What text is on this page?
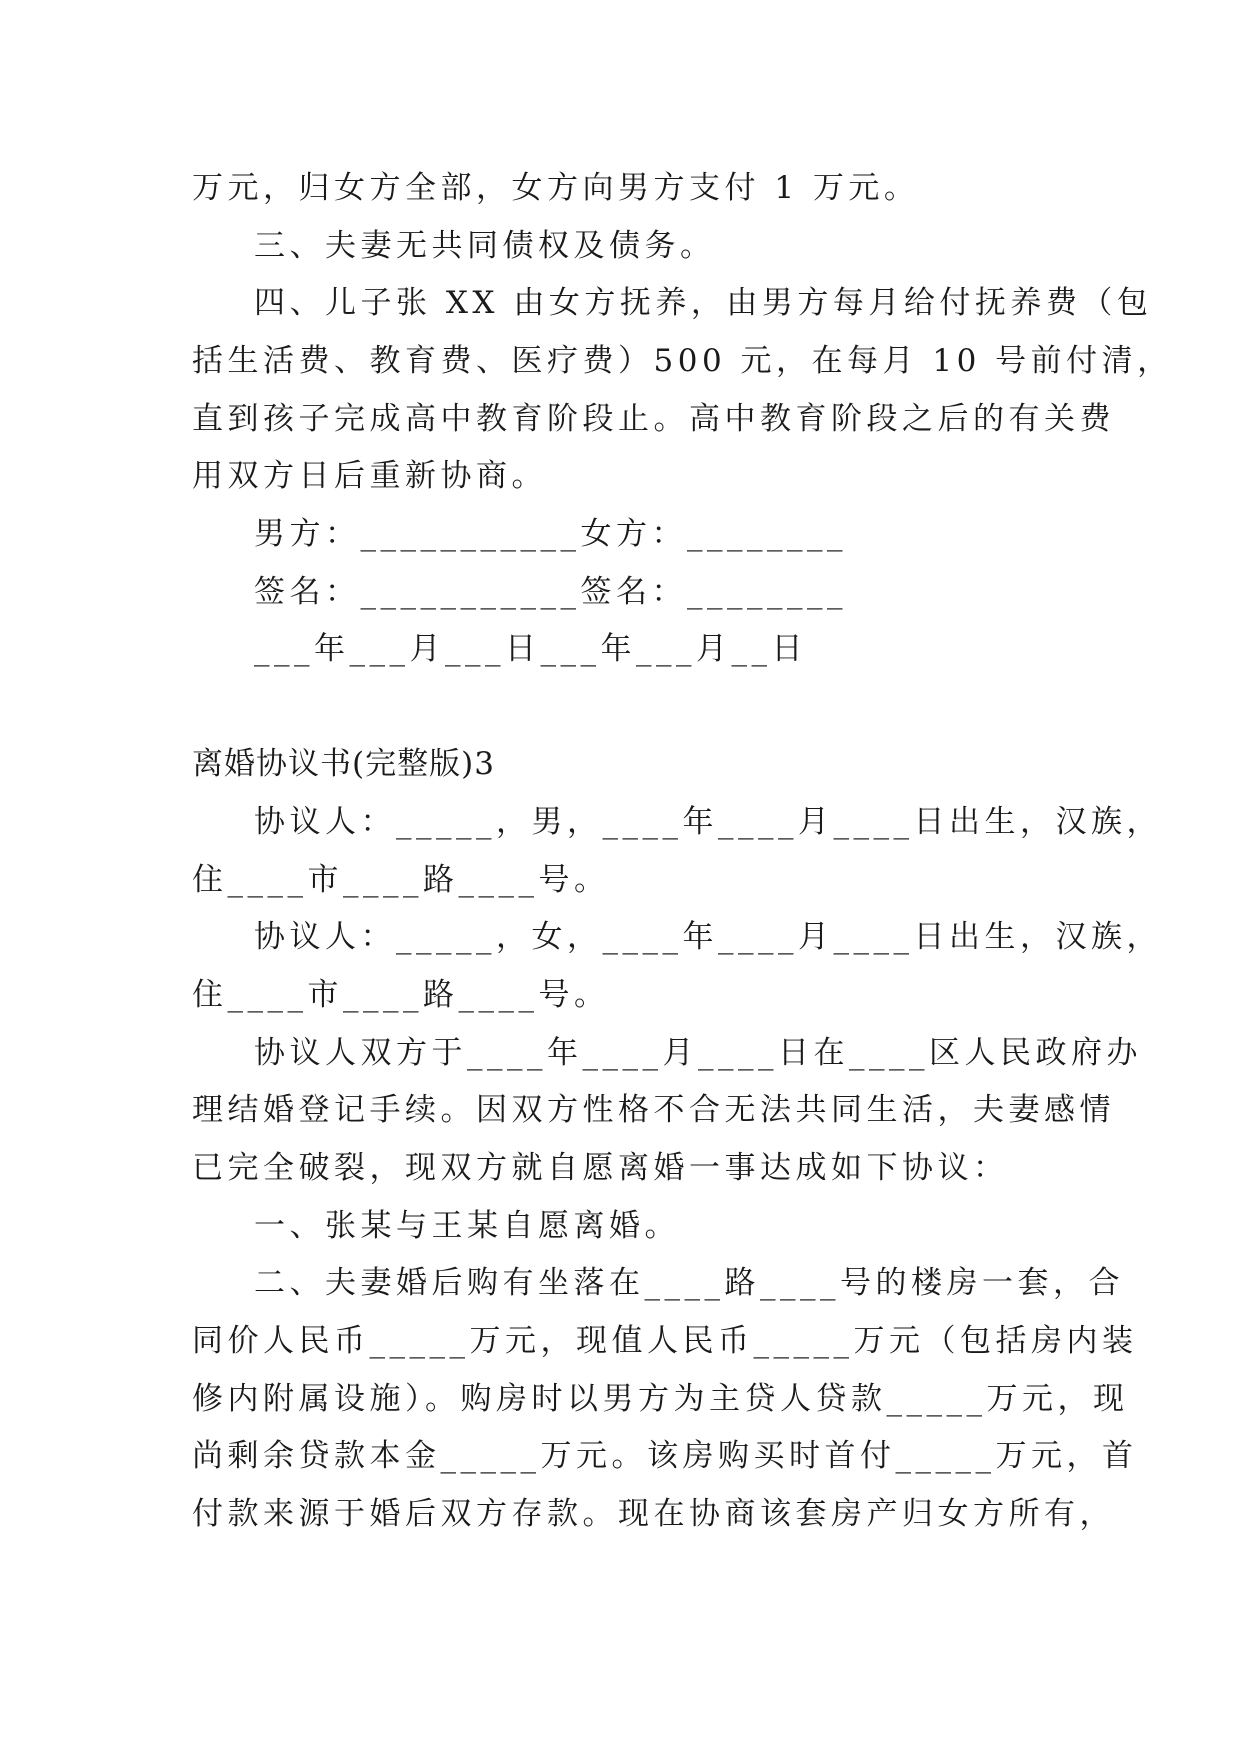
万元，归女方全部，女方向男方支付 1 万元。
三、夫妻无共同债权及债务。
四、儿子张 XX 由女方抚养，由男方每月给付抚养费（包
括生活费、教育费、医疗费）500 元，在每月 10 号前付清，
直到孩子完成高中教育阶段止。高中教育阶段之后的有关费
用双方日后重新协商。
男方：___________女方：________
签名：___________签名：________
___年___月___日___年___月__日
离婚协议书(完整版)3
协议人：_____，男，____年____月____日出生，汉族，
住____市____路____号。
协议人：_____，女，____年____月____日出生，汉族，
住____市____路____号。
协议人双方于____年____月____日在____区人民政府办
理结婚登记手续。因双方性格不合无法共同生活，夫妻感情
已完全破裂，现双方就自愿离婚一事达成如下协议：
一、张某与王某自愿离婚。
二、夫妻婚后购有坐落在____路____号的楼房一套，合
同价人民币_____万元，现值人民币_____万元（包括房内装
修内附属设施）。购房时以男方为主贷人贷款_____万元，现
尚剩余贷款本金_____万元。该房购买时首付_____万元，首
付款来源于婚后双方存款。现在协商该套房产归女方所有，
